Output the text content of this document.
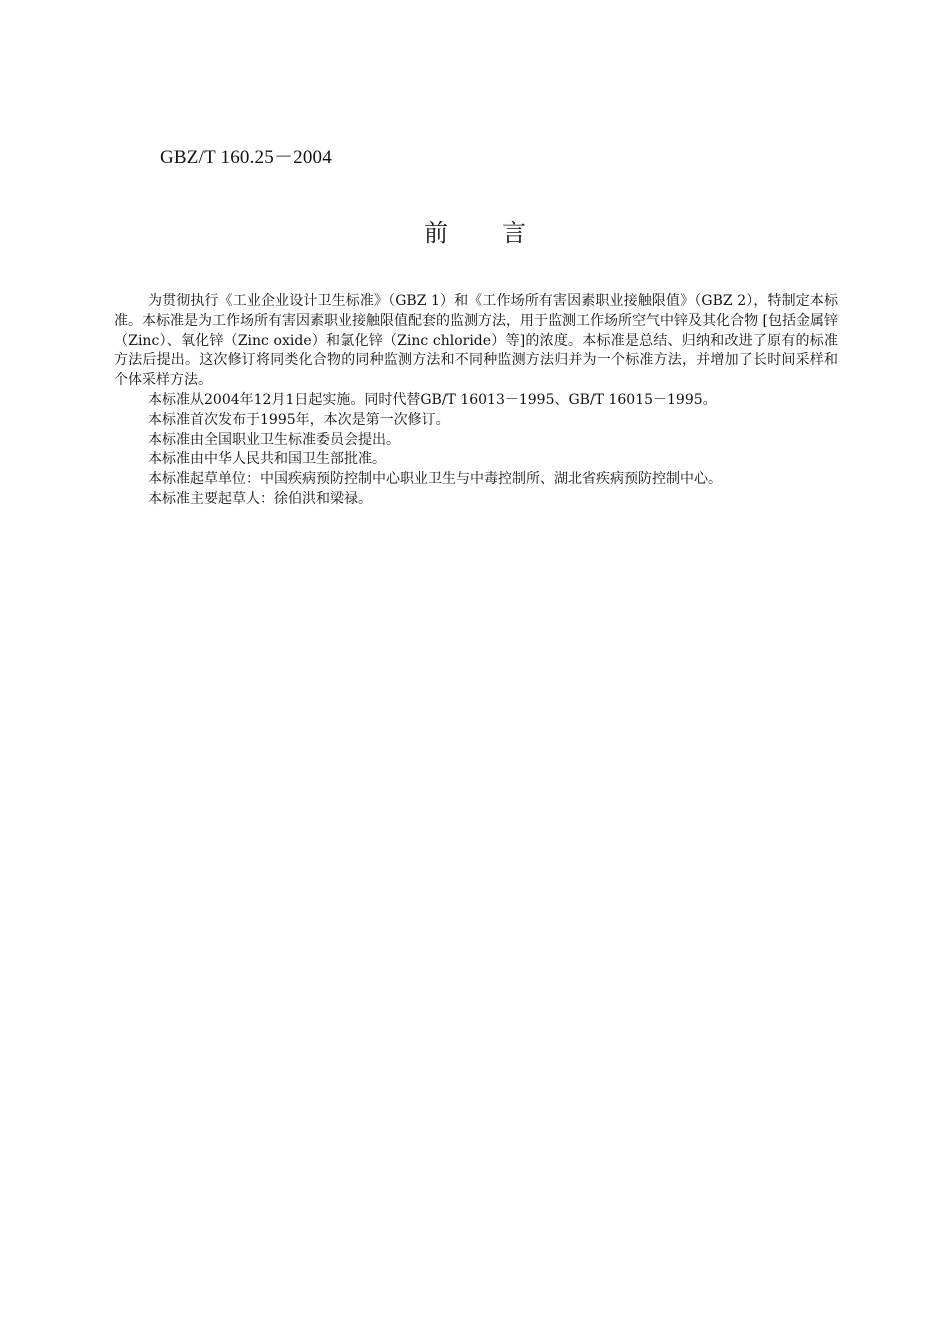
GBZ/T 160.25－2004
前言

为贯彻执行《工业企业设计卫生标准》（GBZ 1）和《工作场所有害因素职业接触限值》（GBZ 2），特制定本标准。本标准是为工作场所有害因素职业接触限值配套的监测方法，用于监测工作场所空气中锌及其化合物 [包括金属锌（Zinc）、氧化锌（Zinc oxide）和氯化锌（Zinc chloride）等]的浓度。本标准是总结、归纳和改进了原有的标准方法后提出。这次修订将同类化合物的同种监测方法和不同种监测方法归并为一个标准方法，并增加了长时间采样和个体采样方法。

本标准从2004年12月1日起实施。同时代替GB/T 16013－1995、GB/T 16015－1995。

本标准首次发布于1995年，本次是第一次修订。

本标准由全国职业卫生标准委员会提出。

本标准由中华人民共和国卫生部批准。

本标准起草单位：中国疾病预防控制中心职业卫生与中毒控制所、湖北省疾病预防控制中心。

本标准主要起草人：徐伯洪和梁禄。
